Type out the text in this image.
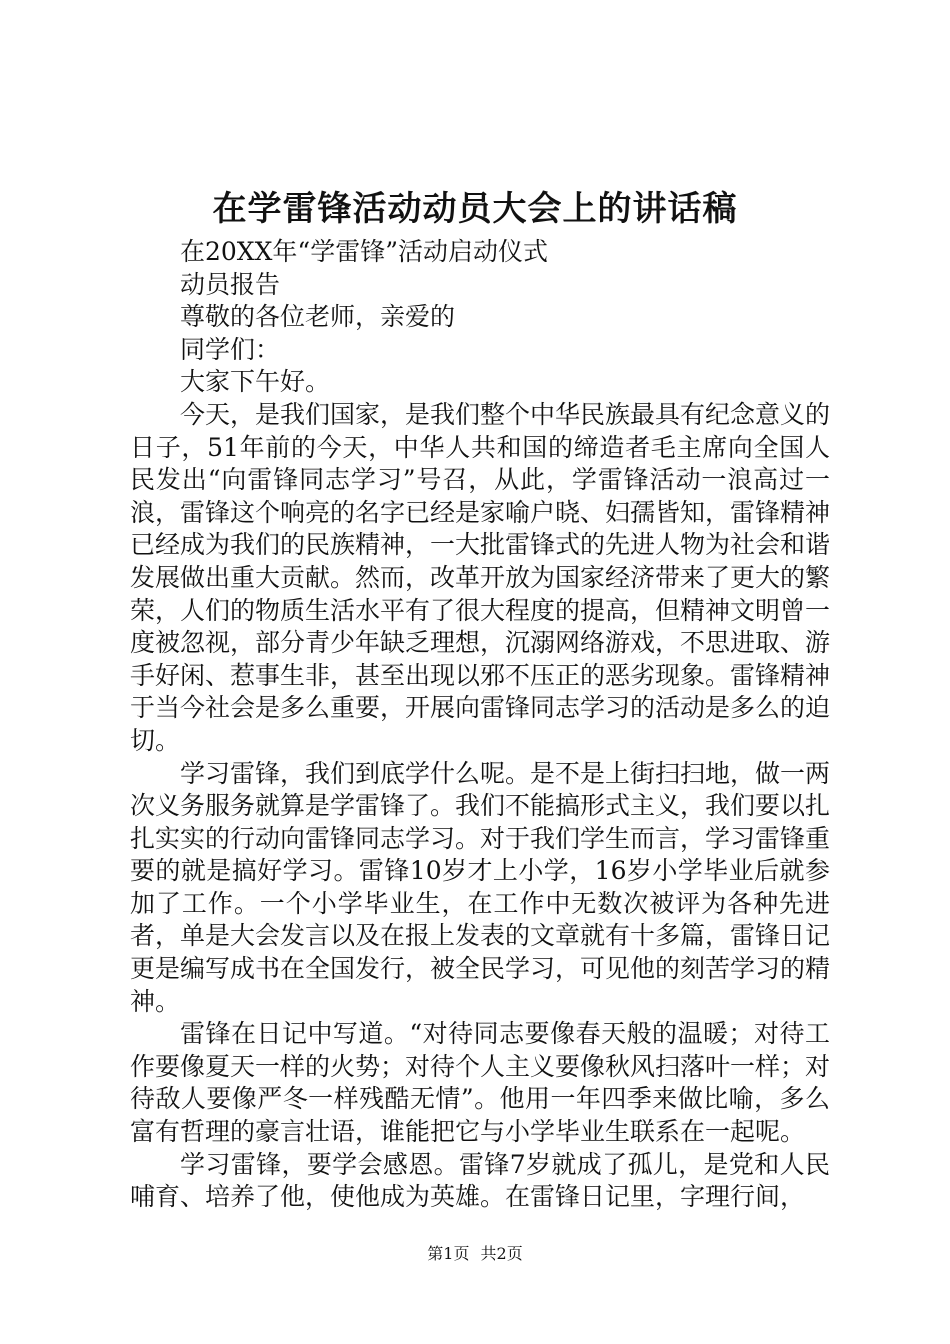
在学雷锋活动动员大会上的讲话稿

在20XX年“学雷锋”活动启动仪式

动员报告

尊敬的各位老师，亲爱的

同学们：

大家下午好。

今天，是我们国家，是我们整个中华民族最具有纪念意义的日子，51年前的今天，中华人共和国的缔造者毛主席向全国人民发出“向雷锋同志学习”号召，从此，学雷锋活动一浪高过一浪，雷锋这个响亮的名字已经是家喻户晓、妇孺皆知，雷锋精神已经成为我们的民族精神，一大批雷锋式的先进人物为社会和谐发展做出重大贡献。然而，改革开放为国家经济带来了更大的繁荣，人们的物质生活水平有了很大程度的提高，但精神文明曾一度被忽视，部分青少年缺乏理想，沉溺网络游戏，不思进取、游手好闲、惹事生非，甚至出现以邪不压正的恶劣现象。雷锋精神于当今社会是多么重要，开展向雷锋同志学习的活动是多么的迫切。

学习雷锋，我们到底学什么呢。是不是上街扫扫地，做一两次义务服务就算是学雷锋了。我们不能搞形式主义，我们要以扎扎实实的行动向雷锋同志学习。对于我们学生而言，学习雷锋重要的就是搞好学习。雷锋10岁才上小学，16岁小学毕业后就参加了工作。一个小学毕业生，在工作中无数次被评为各种先进者，单是大会发言以及在报上发表的文章就有十多篇，雷锋日记更是编写成书在全国发行，被全民学习，可见他的刻苦学习的精神。

雷锋在日记中写道。“对待同志要像春天般的温暖；对待工作要像夏天一样的火势；对待个人主义要像秋风扫落叶一样；对待敌人要像严冬一样残酷无情”。他用一年四季来做比喻，多么富有哲理的豪言壮语，谁能把它与小学毕业生联系在一起呢。

学习雷锋，要学会感恩。雷锋7岁就成了孤儿，是党和人民哺育、培养了他，使他成为英雄。在雷锋日记里，字理行间，

第1页 共2页
